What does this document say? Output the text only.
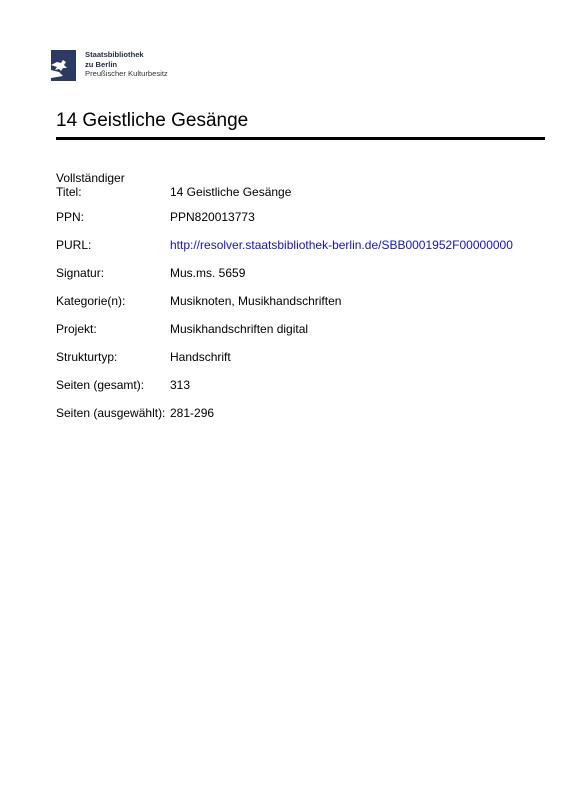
Staatsbibliothek
zu Berlin
Preußischer Kulturbesitz
14 Geistliche Gesänge
Vollständiger
Titel:	14 Geistliche Gesänge
PPN:	PPN820013773
PURL:	http://resolver.staatsbibliothek-berlin.de/SBB0001952F00000000
Signatur:	Mus.ms. 5659
Kategorie(n):	Musiknoten, Musikhandschriften
Projekt:	Musikhandschriften digital
Strukturtyp:	Handschrift
Seiten (gesamt):	313
Seiten (ausgewählt): 281-296
